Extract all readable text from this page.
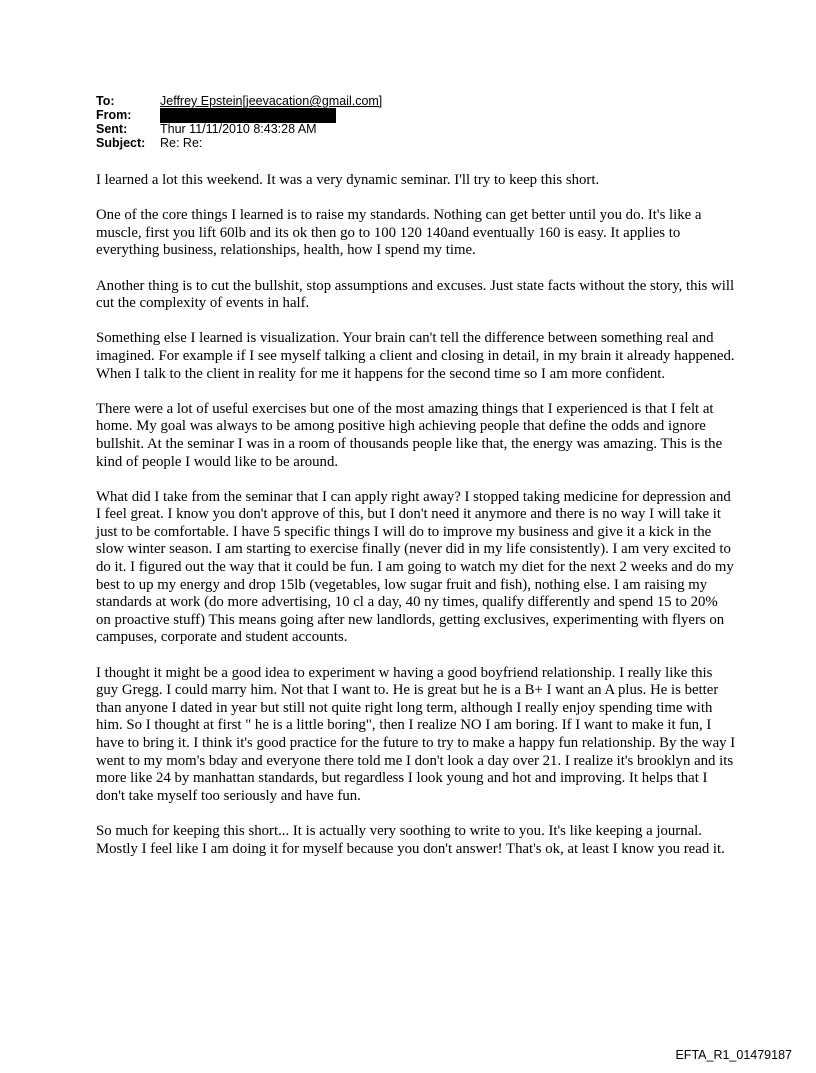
To:	Jeffrey Epstein[jeevacation@gmail.com]
From:
Sent:	Thur 11/11/2010 8:43:28 AM
Subject:	Re: Re:

I learned a lot this weekend. It was a very dynamic seminar. I'll try to keep this short.

One of the core things I learned is to raise my standards. Nothing can get better until you do. It's like a muscle, first you lift 60lb and its ok then go to 100 120 140and eventually 160 is easy. It applies to everything business, relationships, health, how I spend my time.

Another thing is to cut the bullshit, stop assumptions and excuses. Just state facts without the story, this will cut the complexity of events in half.

Something else I learned is visualization. Your brain can't tell the difference between something real and imagined. For example if I see myself talking a client and closing in detail, in my brain it already happened. When I talk to the client in reality for me it happens for the second time so I am more confident.

There were a lot of useful exercises but one of the most amazing things that I experienced is that I felt at home. My goal was always to be among positive high achieving people that define the odds and ignore bullshit. At the seminar I was in a room of thousands people like that, the energy was amazing. This is the kind of people I would like to be around.

What did I take from the seminar that I can apply right away? I stopped taking medicine for depression and I feel great. I know you don't approve of this, but I don't need it anymore and there is no way I will take it just to be comfortable. I have 5 specific things I will do to improve my business and give it a kick in the slow winter season. I am starting to exercise finally (never did in my life consistently). I am very excited to do it. I figured out the way that it could be fun. I am going to watch my diet for the next 2 weeks and do my best to up my energy and drop 15lb (vegetables, low sugar fruit and fish), nothing else. I am raising my standards at work (do more advertising, 10 cl a day, 40 ny times, qualify differently and spend 15 to 20% on proactive stuff) This means going after new landlords, getting exclusives, experimenting with flyers on campuses, corporate and student accounts.

I thought it might be a good idea to experiment w having a good boyfriend relationship. I really like this guy Gregg. I could marry him. Not that I want to. He is great but he is a B+ I want an A plus. He is better than anyone I dated in year but still not quite right long term, although I really enjoy spending time with him. So I thought at first " he is a little boring", then I realize NO I am boring. If I want to make it fun, I have to bring it. I think it's good practice for the future to try to make a happy fun relationship. By the way I went to my mom's bday and everyone there told me I don't look a day over 21. I realize it's brooklyn and its more like 24 by manhattan standards, but regardless I look young and hot and improving. It helps that I don't take myself too seriously and have fun.

So much for keeping this short... It is actually very soothing to write to you. It's like keeping a journal. Mostly I feel like I am doing it for myself because you don't answer! That's ok, at least I know you read it.

EFTA_R1_01479187
